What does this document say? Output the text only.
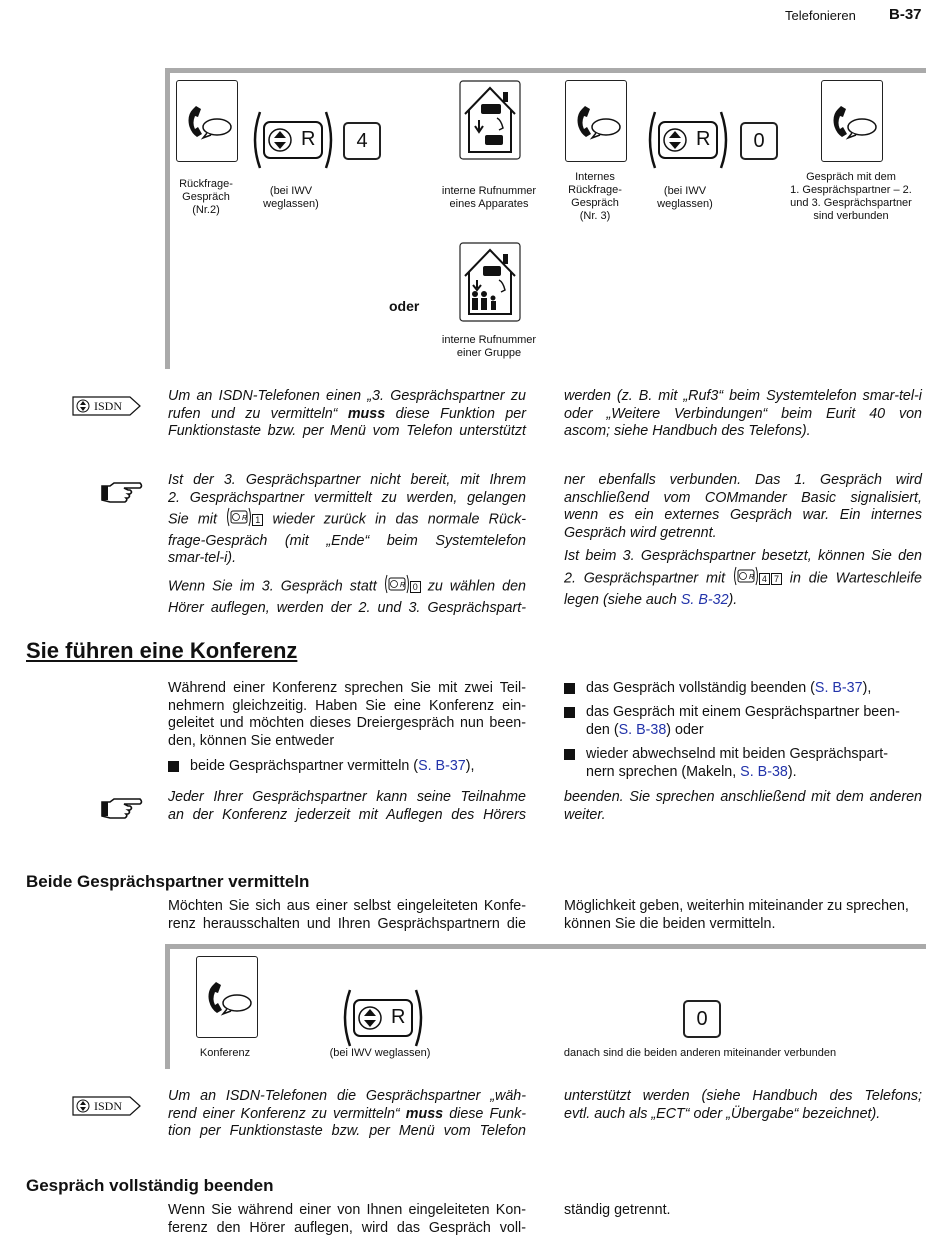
Telefonieren B-37
Rückfrage-
Gespräch
(Nr.2)
R
(bei IWV
weglassen)
4
interne Rufnummer
eines Apparates
Internes
Rückfrage-
Gespräch
(Nr. 3)
R
(bei IWV
weglassen)
0
Gespräch mit dem
1. Gesprächspartner – 2.
und 3. Gesprächspartner
sind verbunden
oder
interne Rufnummer
einer Gruppe
ISDN
Um an ISDN-Telefonen einen „3. Gesprächspartner zu
rufen und zu vermitteln“ muss diese Funktion per
Funktionstaste bzw. per Menü vom Telefon unterstützt
werden (z. B. mit „Ruf3“ beim Systemtelefon smar-tel-i
oder „Weitere Verbindungen“ beim Eurit 40 von
ascom; siehe Handbuch des Telefons).
Ist der 3. Gesprächspartner nicht bereit, mit Ihrem
2. Gesprächspartner vermittelt zu werden, gelangen
Sie mit	R 1 wieder zurück in das normale Rück-
frage-Gespräch (mit „Ende“ beim Systemtelefon
smar-tel-i).
Wenn Sie im 3. Gespräch statt	R 0 zu wählen den
Hörer auflegen, werden der 2. und 3. Gesprächspart-
ner ebenfalls verbunden. Das 1. Gespräch wird
anschließend vom COMmander Basic signalisiert,
wenn es ein externes Gespräch war. Ein internes
Gespräch wird getrennt.
Ist beim 3. Gesprächspartner besetzt, können Sie den
2. Gesprächspartner mit	R 4 7 in die Warteschleife
legen (siehe auch S. B-32).
Sie führen eine Konferenz
Während einer Konferenz sprechen Sie mit zwei Teil-
nehmern gleichzeitig. Haben Sie eine Konferenz ein-
geleitet und möchten dieses Dreiergespräch nun been-
den, können Sie entweder
beide Gesprächspartner vermitteln (S. B-37),
das Gespräch vollständig beenden (S. B-37),
das Gespräch mit einem Gesprächspartner been-
den (S. B-38) oder
wieder abwechselnd mit beiden Gesprächspart-
nern sprechen (Makeln, S. B-38).
Jeder Ihrer Gesprächspartner kann seine Teilnahme
an der Konferenz jederzeit mit Auflegen des Hörers
beenden. Sie sprechen anschließend mit dem anderen
weiter.
Beide Gesprächspartner vermitteln
Möchten Sie sich aus einer selbst eingeleiteten Konfe-
renz herausschalten und Ihren Gesprächspartnern die
Möglichkeit geben, weiterhin miteinander zu sprechen,
können Sie die beiden vermitteln.
Konferenz
R
(bei IWV weglassen)
0
danach sind die beiden anderen miteinander verbunden
ISDN
Um an ISDN-Telefonen die Gesprächspartner „wäh-
rend einer Konferenz zu vermitteln“ muss diese Funk-
tion per Funktionstaste bzw. per Menü vom Telefon
unterstützt werden (siehe Handbuch des Telefons;
evtl. auch als „ECT“ oder „Übergabe“ bezeichnet).
Gespräch vollständig beenden
Wenn Sie während einer von Ihnen eingeleiteten Kon-
ferenz den Hörer auflegen, wird das Gespräch voll-
ständig getrennt.
